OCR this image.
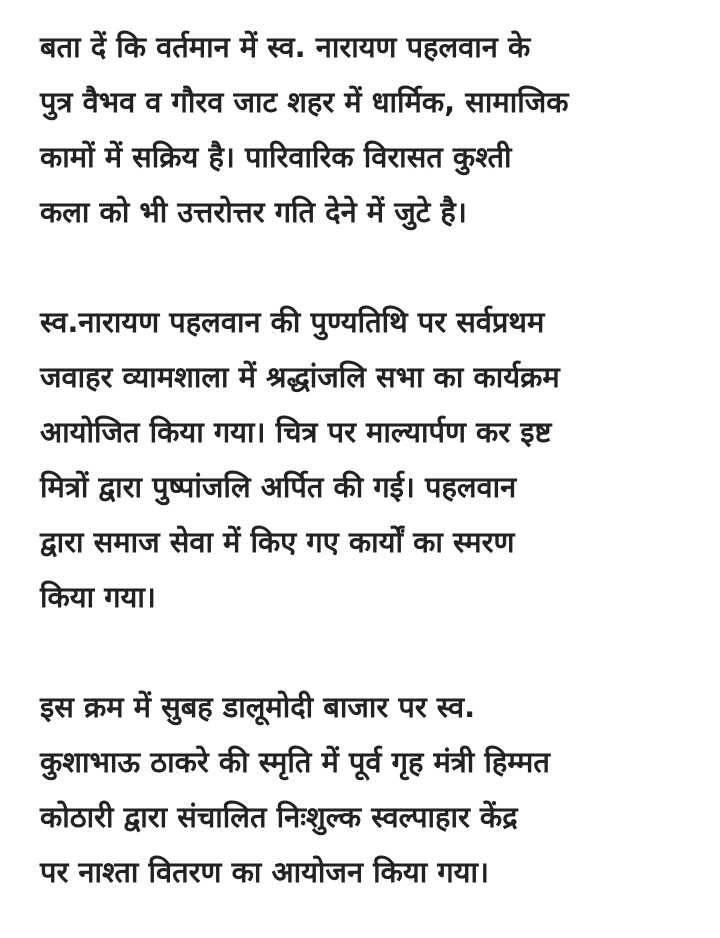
बता दें कि वर्तमान में स्व. नारायण पहलवान के
पुत्र वैभव व गौरव जाट शहर में धार्मिक, सामाजिक
कामों में सक्रिय है। पारिवारिक विरासत कुश्ती
कला को भी उत्तरोत्तर गति देने में जुटे है।

स्व.नारायण पहलवान की पुण्यतिथि पर सर्वप्रथम
जवाहर व्यामशाला में श्रद्धांजलि सभा का कार्यक्रम
आयोजित किया गया। चित्र पर माल्यार्पण कर इष्ट
मित्रों द्वारा पुष्पांजलि अर्पित की गई। पहलवान
द्वारा समाज सेवा में किए गए कार्यों का स्मरण
किया गया।

इस क्रम में सुबह डालूमोदी बाजार पर स्व.
कुशाभाऊ ठाकरे की स्मृति में पूर्व गृह मंत्री हिम्मत
कोठारी द्वारा संचालित निःशुल्क स्वल्पाहार केंद्र
पर नाश्ता वितरण का आयोजन किया गया।
